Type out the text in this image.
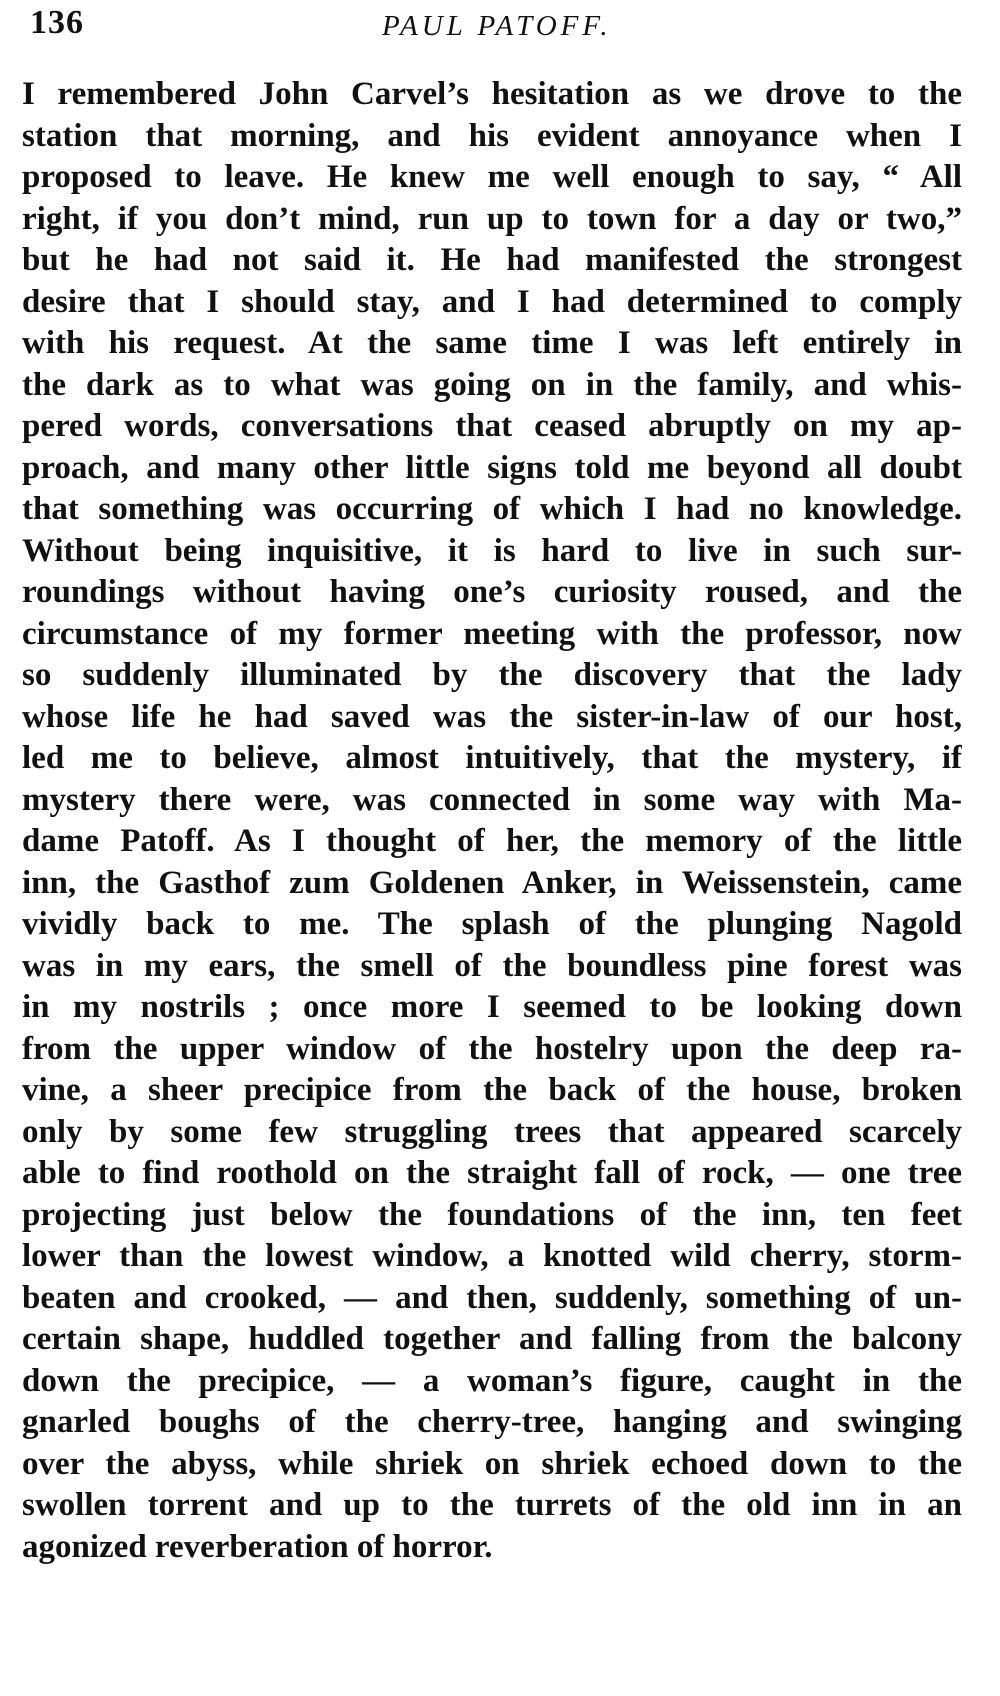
136	PAUL PATOFF.
I remembered John Carvel’s hesitation as we drove to the
station that morning, and his evident annoyance when I
proposed to leave. He knew me well enough to say, “ All
right, if you don’t mind, run up to town for a day or two,”
but he had not said it. He had manifested the strongest
desire that I should stay, and I had determined to comply
with his request. At the same time I was left entirely in
the dark as to what was going on in the family, and whis-
pered words, conversations that ceased abruptly on my ap-
proach, and many other little signs told me beyond all doubt
that something was occurring of which I had no knowledge.
Without being inquisitive, it is hard to live in such sur-
roundings without having one’s curiosity roused, and the
circumstance of my former meeting with the professor, now
so suddenly illuminated by the discovery that the lady
whose life he had saved was the sister-in-law of our host,
led me to believe, almost intuitively, that the mystery, if
mystery there were, was connected in some way with Ma-
dame Patoff. As I thought of her, the memory of the little
inn, the Gasthof zum Goldenen Anker, in Weissenstein, came
vividly back to me. The splash of the plunging Nagold
was in my ears, the smell of the boundless pine forest was
in my nostrils ; once more I seemed to be looking down
from the upper window of the hostelry upon the deep ra-
vine, a sheer precipice from the back of the house, broken
only by some few struggling trees that appeared scarcely
able to find roothold on the straight fall of rock, — one tree
projecting just below the foundations of the inn, ten feet
lower than the lowest window, a knotted wild cherry, storm-
beaten and crooked, — and then, suddenly, something of un-
certain shape, huddled together and falling from the balcony
down the precipice, — a woman’s figure, caught in the
gnarled boughs of the cherry-tree, hanging and swinging
over the abyss, while shriek on shriek echoed down to the
swollen torrent and up to the turrets of the old inn in an
agonized reverberation of horror.
